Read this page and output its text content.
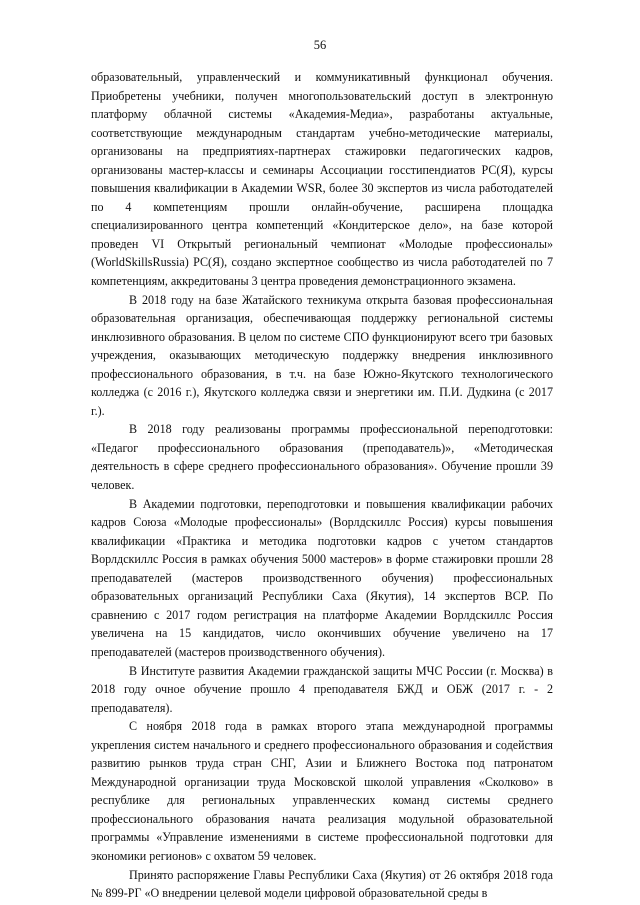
56

образовательный, управленческий и коммуникативный функционал обучения. Приобретены учебники, получен многопользовательский доступ в электронную платформу облачной системы «Академия-Медиа», разработаны актуальные, соответствующие международным стандартам учебно-методические материалы, организованы на предприятиях-партнерах стажировки педагогических кадров, организованы мастер-классы и семинары Ассоциации госстипендиатов РС(Я), курсы повышения квалификации в Академии WSR, более 30 экспертов из числа работодателей по 4 компетенциям прошли онлайн-обучение, расширена площадка специализированного центра компетенций «Кондитерское дело», на базе которой проведен VI Открытый региональный чемпионат «Молодые профессионалы» (WorldSkillsRussia) РС(Я), создано экспертное сообщество из числа работодателей по 7 компетенциям, аккредитованы 3 центра проведения демонстрационного экзамена.

В 2018 году на базе Жатайского техникума открыта базовая профессиональная образовательная организация, обеспечивающая поддержку региональной системы инклюзивного образования. В целом по системе СПО функционируют всего три базовых учреждения, оказывающих методическую поддержку внедрения инклюзивного профессионального образования, в т.ч. на базе Южно-Якутского технологического колледжа (с 2016 г.), Якутского колледжа связи и энергетики им. П.И. Дудкина (с 2017 г.).

В 2018 году реализованы программы профессиональной переподготовки: «Педагог профессионального образования (преподаватель)», «Методическая деятельность в сфере среднего профессионального образования». Обучение прошли 39 человек.

В Академии подготовки, переподготовки и повышения квалификации рабочих кадров Союза «Молодые профессионалы» (Ворлдскиллс Россия) курсы повышения квалификации «Практика и методика подготовки кадров с учетом стандартов Ворлдскиллс Россия в рамках обучения 5000 мастеров» в форме стажировки прошли 28 преподавателей (мастеров производственного обучения) профессиональных образовательных организаций Республики Саха (Якутия), 14 экспертов ВСР. По сравнению с 2017 годом регистрация на платформе Академии Ворлдскиллс Россия увеличена на 15 кандидатов, число окончивших обучение увеличено на 17 преподавателей (мастеров производственного обучения).

В Институте развития Академии гражданской защиты МЧС России (г. Москва) в 2018 году очное обучение прошло 4 преподавателя БЖД и ОБЖ (2017 г. - 2 преподавателя).

С ноября 2018 года в рамках второго этапа международной программы укрепления систем начального и среднего профессионального образования и содействия развитию рынков труда стран СНГ, Азии и Ближнего Востока под патронатом Международной организации труда Московской школой управления «Сколково» в республике для региональных управленческих команд системы среднего профессионального образования начата реализация модульной образовательной программы «Управление изменениями в системе профессиональной подготовки для экономики регионов» с охватом 59 человек.

Принято распоряжение Главы Республики Саха (Якутия) от 26 октября 2018 года № 899-РГ «О внедрении целевой модели цифровой образовательной среды в
